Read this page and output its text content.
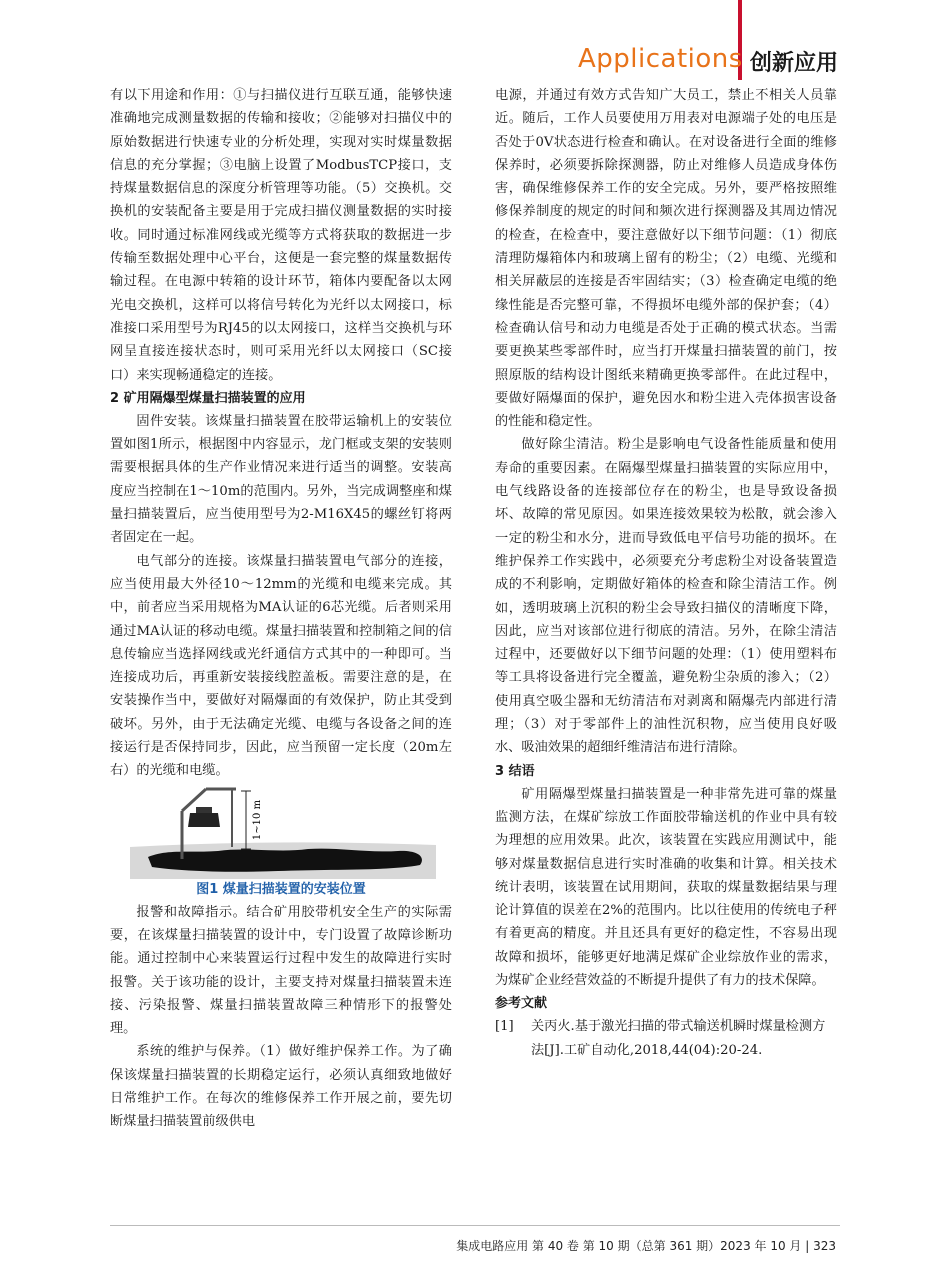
Applications 创新应用

有以下用途和作用：①与扫描仪进行互联互通，能够快速准确地完成测量数据的传输和接收；②能够对扫描仪中的原始数据进行快速专业的分析处理，实现对实时煤量数据信息的充分掌握；③电脑上设置了ModbusTCP接口，支持煤量数据信息的深度分析管理等功能。（5）交换机。交换机的安装配备主要是用于完成扫描仪测量数据的实时接收。同时通过标准网线或光缆等方式将获取的数据进一步传输至数据处理中心平台，这便是一套完整的煤量数据传输过程。在电源中转箱的设计环节，箱体内要配备以太网光电交换机，这样可以将信号转化为光纤以太网接口，标准接口采用型号为RJ45的以太网接口，这样当交换机与环网呈直接连接状态时，则可采用光纤以太网接口（SC接口）来实现畅通稳定的连接。

2 矿用隔爆型煤量扫描装置的应用

固件安装。该煤量扫描装置在胶带运输机上的安装位置如图1所示，根据图中内容显示，龙门框或支架的安装则需要根据具体的生产作业情况来进行适当的调整。安装高度应当控制在1～10m的范围内。另外，当完成调整座和煤量扫描装置后，应当使用型号为2-M16X45的螺丝钉将两者固定在一起。

电气部分的连接。该煤量扫描装置电气部分的连接，应当使用最大外径10～12mm的光缆和电缆来完成。其中，前者应当采用规格为MA认证的6芯光缆。后者则采用通过MA认证的移动电缆。煤量扫描装置和控制箱之间的信息传输应当选择网线或光纤通信方式其中的一种即可。当连接成功后，再重新安装接线腔盖板。需要注意的是，在安装操作当中，要做好对隔爆面的有效保护，防止其受到破坏。另外，由于无法确定光缆、电缆与各设备之间的连接运行是否保持同步，因此，应当预留一定长度（20m左右）的光缆和电缆。

1~10 m

图1 煤量扫描装置的安装位置

报警和故障指示。结合矿用胶带机安全生产的实际需要，在该煤量扫描装置的设计中，专门设置了故障诊断功能。通过控制中心来装置运行过程中发生的故障进行实时报警。关于该功能的设计，主要支持对煤量扫描装置未连接、污染报警、煤量扫描装置故障三种情形下的报警处理。

系统的维护与保养。（1）做好维护保养工作。为了确保该煤量扫描装置的长期稳定运行，必须认真细致地做好日常维护工作。在每次的维修保养工作开展之前，要先切断煤量扫描装置前级供电

电源，并通过有效方式告知广大员工，禁止不相关人员靠近。随后，工作人员要使用万用表对电源端子处的电压是否处于0V状态进行检查和确认。在对设备进行全面的维修保养时，必须要拆除探测器，防止对维修人员造成身体伤害，确保维修保养工作的安全完成。另外，要严格按照维修保养制度的规定的时间和频次进行探测器及其周边情况的检查，在检查中，要注意做好以下细节问题：（1）彻底清理防爆箱体内和玻璃上留有的粉尘；（2）电缆、光缆和相关屏蔽层的连接是否牢固结实；（3）检查确定电缆的绝缘性能是否完整可靠，不得损坏电缆外部的保护套；（4）检查确认信号和动力电缆是否处于正确的模式状态。当需要更换某些零部件时，应当打开煤量扫描装置的前门，按照原版的结构设计图纸来精确更换零部件。在此过程中，要做好隔爆面的保护，避免因水和粉尘进入壳体损害设备的性能和稳定性。

做好除尘清洁。粉尘是影响电气设备性能质量和使用寿命的重要因素。在隔爆型煤量扫描装置的实际应用中，电气线路设备的连接部位存在的粉尘，也是导致设备损坏、故障的常见原因。如果连接效果较为松散，就会渗入一定的粉尘和水分，进而导致低电平信号功能的损坏。在维护保养工作实践中，必须要充分考虑粉尘对设备装置造成的不利影响，定期做好箱体的检查和除尘清洁工作。例如，透明玻璃上沉积的粉尘会导致扫描仪的清晰度下降，因此，应当对该部位进行彻底的清洁。另外，在除尘清洁过程中，还要做好以下细节问题的处理：（1）使用塑料布等工具将设备进行完全覆盖，避免粉尘杂质的渗入；（2）使用真空吸尘器和无纺清洁布对剥离和隔爆壳内部进行清理；（3）对于零部件上的油性沉积物，应当使用良好吸水、吸油效果的超细纤维清洁布进行清除。

3 结语

矿用隔爆型煤量扫描装置是一种非常先进可靠的煤量监测方法，在煤矿综放工作面胶带输送机的作业中具有较为理想的应用效果。此次，该装置在实践应用测试中，能够对煤量数据信息进行实时准确的收集和计算。相关技术统计表明，该装置在试用期间，获取的煤量数据结果与理论计算值的误差在2%的范围内。比以往使用的传统电子秤有着更高的精度。并且还具有更好的稳定性，不容易出现故障和损坏，能够更好地满足煤矿企业综放作业的需求，为煤矿企业经营效益的不断提升提供了有力的技术保障。

参考文献

[1]	关丙火.基于激光扫描的带式输送机瞬时煤量检测方法[J].工矿自动化,2018,44(04):20-24.
集成电路应用 第 40 卷 第 10 期（总第 361 期）2023 年 10 月 | 323
